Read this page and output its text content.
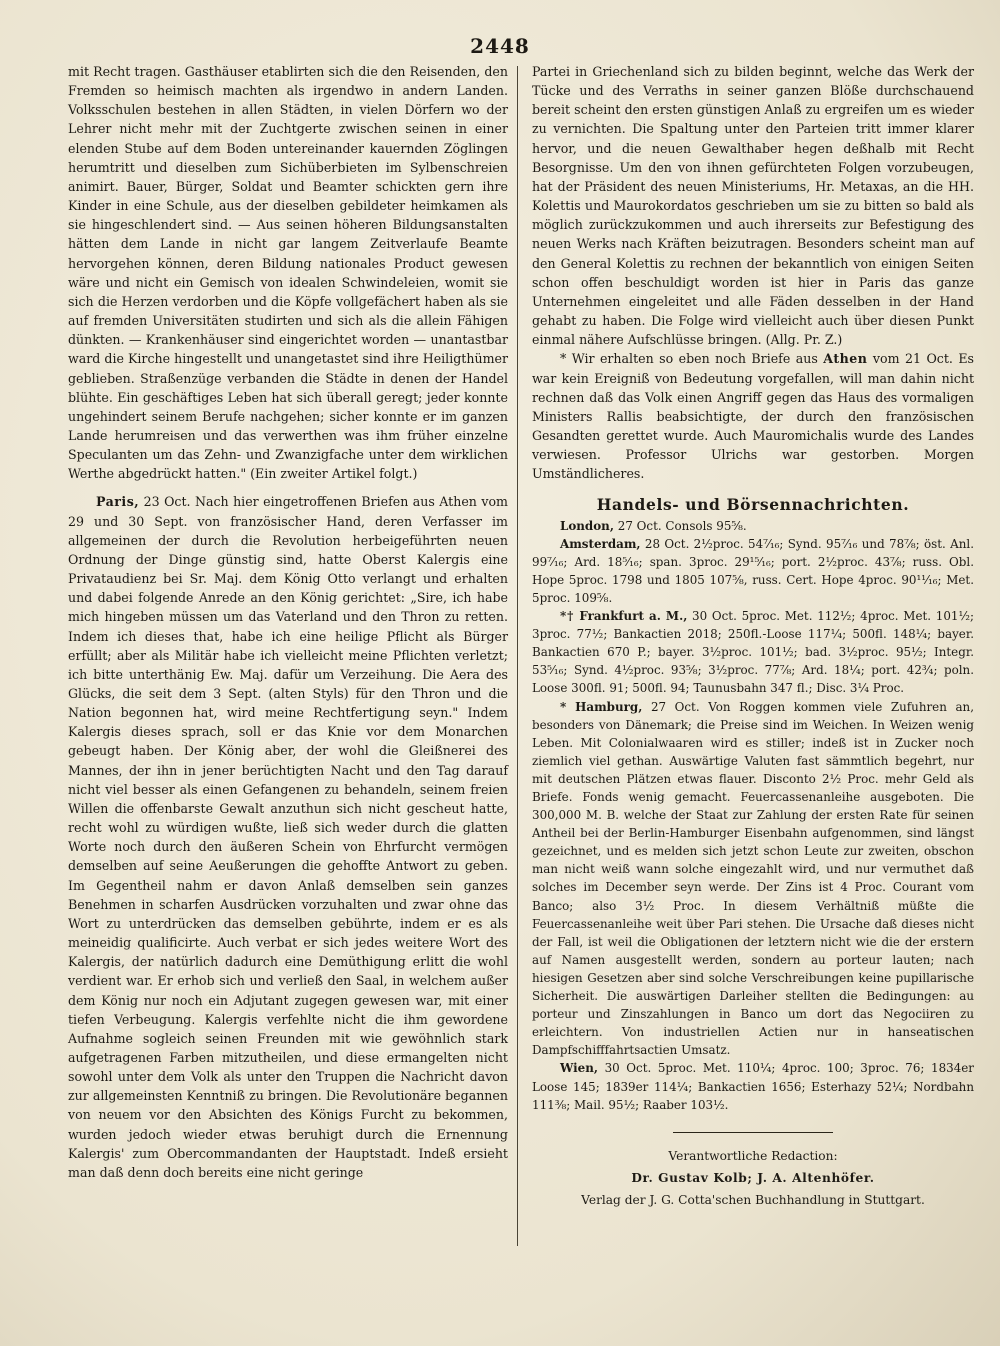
2448

mit Recht tragen. Gasthäuser etablirten sich die den Reisenden, den Fremden so heimisch machten als irgendwo in andern Landen. Volksschulen bestehen in allen Städten, in vielen Dörfern wo der Lehrer nicht mehr mit der Zuchtgerte zwischen seinen in einer elenden Stube auf dem Boden untereinander kauernden Zöglingen herumtritt und dieselben zum Sichüberbieten im Sylbenschreien animirt. Bauer, Bürger, Soldat und Beamter schickten gern ihre Kinder in eine Schule, aus der dieselben gebildeter heimkamen als sie hingeschlendert sind. — Aus seinen höheren Bildungsanstalten hätten dem Lande in nicht gar langem Zeitverlaufe Beamte hervorgehen können, deren Bildung nationales Product gewesen wäre und nicht ein Gemisch von idealen Schwindeleien, womit sie sich die Herzen verdorben und die Köpfe vollgefächert haben als sie auf fremden Universitäten studirten und sich als die allein Fähigen dünkten. — Krankenhäuser sind eingerichtet worden — unantastbar ward die Kirche hingestellt und unangetastet sind ihre Heiligthümer geblieben. Straßenzüge verbanden die Städte in denen der Handel blühte. Ein geschäftiges Leben hat sich überall geregt; jeder konnte ungehindert seinem Berufe nachgehen; sicher konnte er im ganzen Lande herumreisen und das verwerthen was ihm früher einzelne Speculanten um das Zehn- und Zwanzigfache unter dem wirklichen Werthe abgedrückt hatten." (Ein zweiter Artikel folgt.)

Paris, 23 Oct. Nach hier eingetroffenen Briefen aus Athen vom 29 und 30 Sept. von französischer Hand, deren Verfasser im allgemeinen der durch die Revolution herbeigeführten neuen Ordnung der Dinge günstig sind, hatte Oberst Kalergis eine Privataudienz bei Sr. Maj. dem König Otto verlangt und erhalten und dabei folgende Anrede an den König gerichtet: „Sire, ich habe mich hingeben müssen um das Vaterland und den Thron zu retten. Indem ich dieses that, habe ich eine heilige Pflicht als Bürger erfüllt; aber als Militär habe ich vielleicht meine Pflichten verletzt; ich bitte unterthänig Ew. Maj. dafür um Verzeihung. Die Aera des Glücks, die seit dem 3 Sept. (alten Styls) für den Thron und die Nation begonnen hat, wird meine Rechtfertigung seyn." Indem Kalergis dieses sprach, soll er das Knie vor dem Monarchen gebeugt haben. Der König aber, der wohl die Gleißnerei des Mannes, der ihn in jener berüchtigten Nacht und den Tag darauf nicht viel besser als einen Gefangenen zu behandeln, seinem freien Willen die offenbarste Gewalt anzuthun sich nicht gescheut hatte, recht wohl zu würdigen wußte, ließ sich weder durch die glatten Worte noch durch den äußeren Schein von Ehrfurcht vermögen demselben auf seine Aeußerungen die gehoffte Antwort zu geben. Im Gegentheil nahm er davon Anlaß demselben sein ganzes Benehmen in scharfen Ausdrücken vorzuhalten und zwar ohne das Wort zu unterdrücken das demselben gebührte, indem er es als meineidig qualificirte. Auch verbat er sich jedes weitere Wort des Kalergis, der natürlich dadurch eine Demüthigung erlitt die wohl verdient war. Er erhob sich und verließ den Saal, in welchem außer dem König nur noch ein Adjutant zugegen gewesen war, mit einer tiefen Verbeugung. Kalergis verfehlte nicht die ihm gewordene Aufnahme sogleich seinen Freunden mit wie gewöhnlich stark aufgetragenen Farben mitzutheilen, und diese ermangelten nicht sowohl unter dem Volk als unter den Truppen die Nachricht davon zur allgemeinsten Kenntniß zu bringen. Die Revolutionäre begannen von neuem vor den Absichten des Königs Furcht zu bekommen, wurden jedoch wieder etwas beruhigt durch die Ernennung Kalergis' zum Obercommandanten der Hauptstadt. Indeß ersieht man daß denn doch bereits eine nicht geringe

Partei in Griechenland sich zu bilden beginnt, welche das Werk der Tücke und des Verraths in seiner ganzen Blöße durchschauend bereit scheint den ersten günstigen Anlaß zu ergreifen um es wieder zu vernichten. Die Spaltung unter den Parteien tritt immer klarer hervor, und die neuen Gewalthaber hegen deßhalb mit Recht Besorgnisse. Um den von ihnen gefürchteten Folgen vorzubeugen, hat der Präsident des neuen Ministeriums, Hr. Metaxas, an die HH. Kolettis und Maurokordatos geschrieben um sie zu bitten so bald als möglich zurückzukommen und auch ihrerseits zur Befestigung des neuen Werks nach Kräften beizutragen. Besonders scheint man auf den General Kolettis zu rechnen der bekanntlich von einigen Seiten schon offen beschuldigt worden ist hier in Paris das ganze Unternehmen eingeleitet und alle Fäden desselben in der Hand gehabt zu haben. Die Folge wird vielleicht auch über diesen Punkt einmal nähere Aufschlüsse bringen. (Allg. Pr. Z.)

* Wir erhalten so eben noch Briefe aus Athen vom 21 Oct. Es war kein Ereigniß von Bedeutung vorgefallen, will man dahin nicht rechnen daß das Volk einen Angriff gegen das Haus des vormaligen Ministers Rallis beabsichtigte, der durch den französischen Gesandten gerettet wurde. Auch Mauromichalis wurde des Landes verwiesen. Professor Ulrichs war gestorben. Morgen Umständlicheres.

Handels- und Börsennachrichten.

London, 27 Oct. Consols 95⅝.

Amsterdam, 28 Oct. 2½proc. 54⁷⁄₁₆; Synd. 95⁷⁄₁₆ und 78⁷⁄₈; öst. Anl. 99⁷⁄₁₆; Ard. 18⁵⁄₁₆; span. 3proc. 29¹⁵⁄₁₆; port. 2½proc. 43⁷⁄₈; russ. Obl. Hope 5proc. 1798 und 1805 107⅝, russ. Cert. Hope 4proc. 90¹¹⁄₁₆; Met. 5proc. 109⅝.

*† Frankfurt a. M., 30 Oct. 5proc. Met. 112½; 4proc. Met. 101½; 3proc. 77½; Bankactien 2018; 250fl.-Loose 117¼; 500fl. 148¼; bayer. Bankactien 670 P.; bayer. 3½proc. 101½; bad. 3½proc. 95½; Integr. 53⁵⁄₁₆; Synd. 4½proc. 93⅝; 3½proc. 77⅞; Ard. 18¼; port. 42¾; poln. Loose 300fl. 91; 500fl. 94; Taunusbahn 347 fl.; Disc. 3¼ Proc.

* Hamburg, 27 Oct. Von Roggen kommen viele Zufuhren an, besonders von Dänemark; die Preise sind im Weichen. In Weizen wenig Leben. Mit Colonialwaaren wird es stiller; indeß ist in Zucker noch ziemlich viel gethan. Auswärtige Valuten fast sämmtlich begehrt, nur mit deutschen Plätzen etwas flauer. Disconto 2½ Proc. mehr Geld als Briefe. Fonds wenig gemacht. Feuercassenanleihe ausgeboten. Die 300,000 M. B. welche der Staat zur Zahlung der ersten Rate für seinen Antheil bei der Berlin-Hamburger Eisenbahn aufgenommen, sind längst gezeichnet, und es melden sich jetzt schon Leute zur zweiten, obschon man nicht weiß wann solche eingezahlt wird, und nur vermuthet daß solches im December seyn werde. Der Zins ist 4 Proc. Courant vom Banco; also 3½ Proc. In diesem Verhältniß müßte die Feuercassenanleihe weit über Pari stehen. Die Ursache daß dieses nicht der Fall, ist weil die Obligationen der letztern nicht wie die der erstern auf Namen ausgestellt werden, sondern au porteur lauten; nach hiesigen Gesetzen aber sind solche Verschreibungen keine pupillarische Sicherheit. Die auswärtigen Darleiher stellten die Bedingungen: au porteur und Zinszahlungen in Banco um dort das Negociiren zu erleichtern. Von industriellen Actien nur in hanseatischen Dampfschifffahrtsactien Umsatz.

Wien, 30 Oct. 5proc. Met. 110¼; 4proc. 100; 3proc. 76; 1834er Loose 145; 1839er 114¼; Bankactien 1656; Esterhazy 52¼; Nordbahn 111⅜; Mail. 95½; Raaber 103½.

Verantwortliche Redaction:
Dr. Gustav Kolb; J. A. Altenhöfer.
Verlag der J. G. Cotta'schen Buchhandlung in Stuttgart.
